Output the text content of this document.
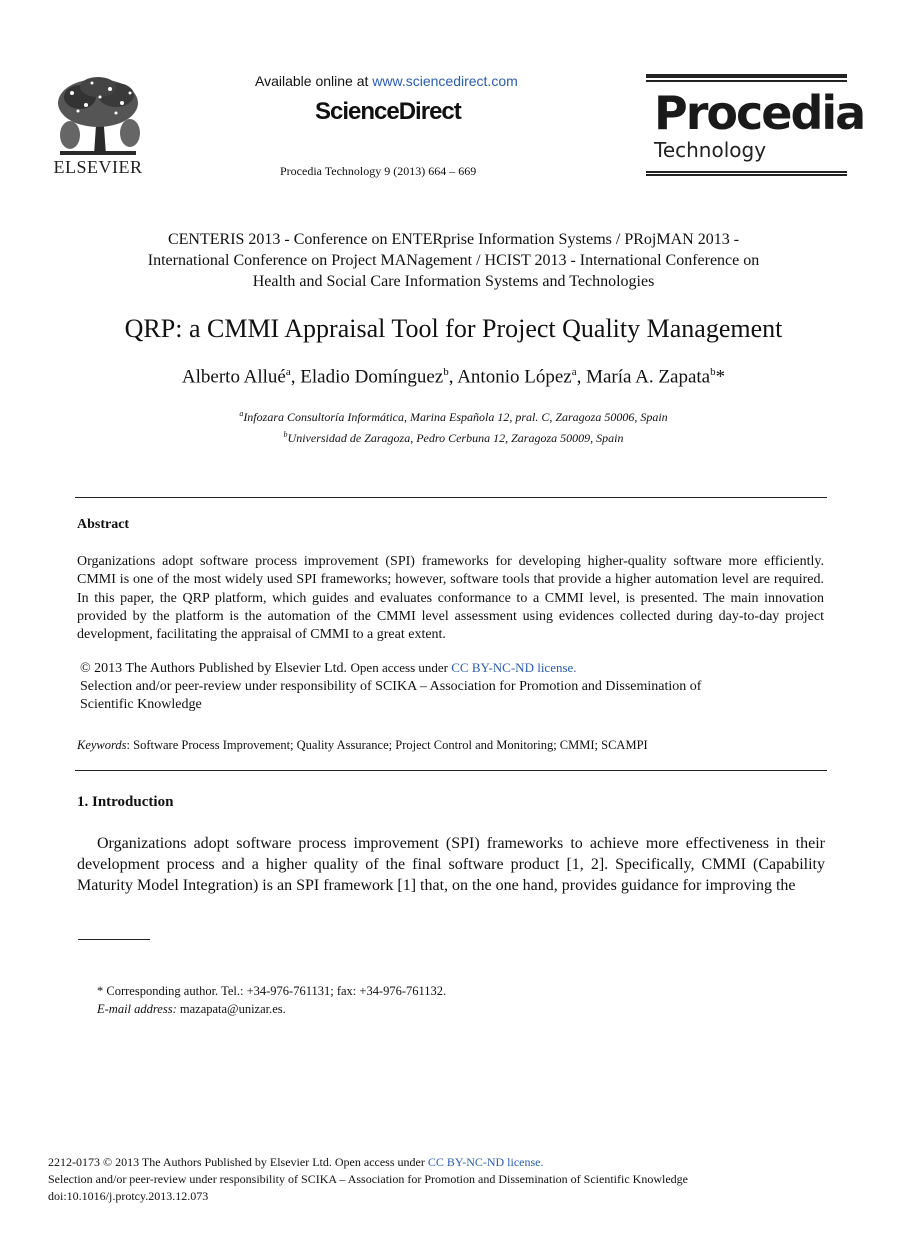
ELSEVIER
Available online at www.sciencedirect.com
ScienceDirect
Procedia Technology 9 (2013) 664 – 669
Procedia
Technology
CENTERIS 2013 - Conference on ENTERprise Information Systems / PRojMAN 2013 -
International Conference on Project MANagement / HCIST 2013 - International Conference on
Health and Social Care Information Systems and Technologies
QRP: a CMMI Appraisal Tool for Project Quality Management
Alberto Allué$^a$, Eladio Domínguez$^b$, Antonio López$^a$, María A. Zapata$^b$*
$^a$Infozara Consultoría Informática, Marina Española 12, pral. C, Zaragoza 50006, Spain
$^b$Universidad de Zaragoza, Pedro Cerbuna 12, Zaragoza 50009, Spain
Abstract
Organizations adopt software process improvement (SPI) frameworks for developing higher-quality software more efficiently. CMMI is one of the most widely used SPI frameworks; however, software tools that provide a higher automation level are required. In this paper, the QRP platform, which guides and evaluates conformance to a CMMI level, is presented. The main innovation provided by the platform is the automation of the CMMI level assessment using evidences collected during day-to-day project development, facilitating the appraisal of CMMI to a great extent.
© 2013 The Authors Published by Elsevier Ltd. Open access under CC BY-NC-ND license.
Selection and/or peer-review under responsibility of SCIKA – Association for Promotion and Dissemination of
Scientific Knowledge
Keywords: Software Process Improvement; Quality Assurance; Project Control and Monitoring; CMMI; SCAMPI
1. Introduction
Organizations adopt software process improvement (SPI) frameworks to achieve more effectiveness in their development process and a higher quality of the final software product [1, 2]. Specifically, CMMI (Capability Maturity Model Integration) is an SPI framework [1] that, on the one hand, provides guidance for improving the
* Corresponding author. Tel.: +34-976-761131; fax: +34-976-761132.
E-mail address: mazapata@unizar.es.
2212-0173 © 2013 The Authors Published by Elsevier Ltd. Open access under CC BY-NC-ND license.
Selection and/or peer-review under responsibility of SCIKA – Association for Promotion and Dissemination of Scientific Knowledge
doi:10.1016/j.protcy.2013.12.073
